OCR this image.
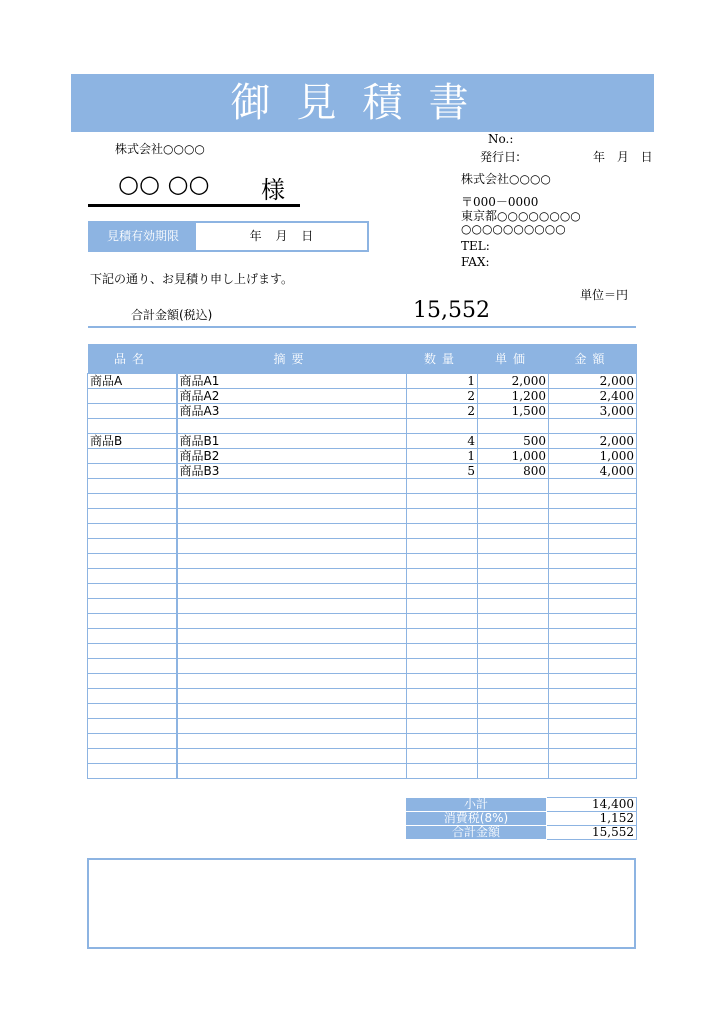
御見積書
株式会社○○○○
○○ ○○ 様
見積有効期限	年 月 日
下記の通り、お見積り申し上げます。
単位＝円
合計金額(税込)	15,552
No.:
発行日:	年 月 日
株式会社○○○○
〒000－0000
東京都○○○○○○○○
○○○○○○○○○○
TEL:
FAX:
品名	摘要	数量	単価	金額
商品A	商品A1	1	2,000	2,000
	商品A2	2	1,200	2,400
	商品A3	2	1,500	3,000

商品B	商品B1	4	500	2,000
	商品B2	1	1,000	1,000
	商品B3	5	800	4,000

小計	14,400
消費税(8%)	1,152
合計金額	15,552
